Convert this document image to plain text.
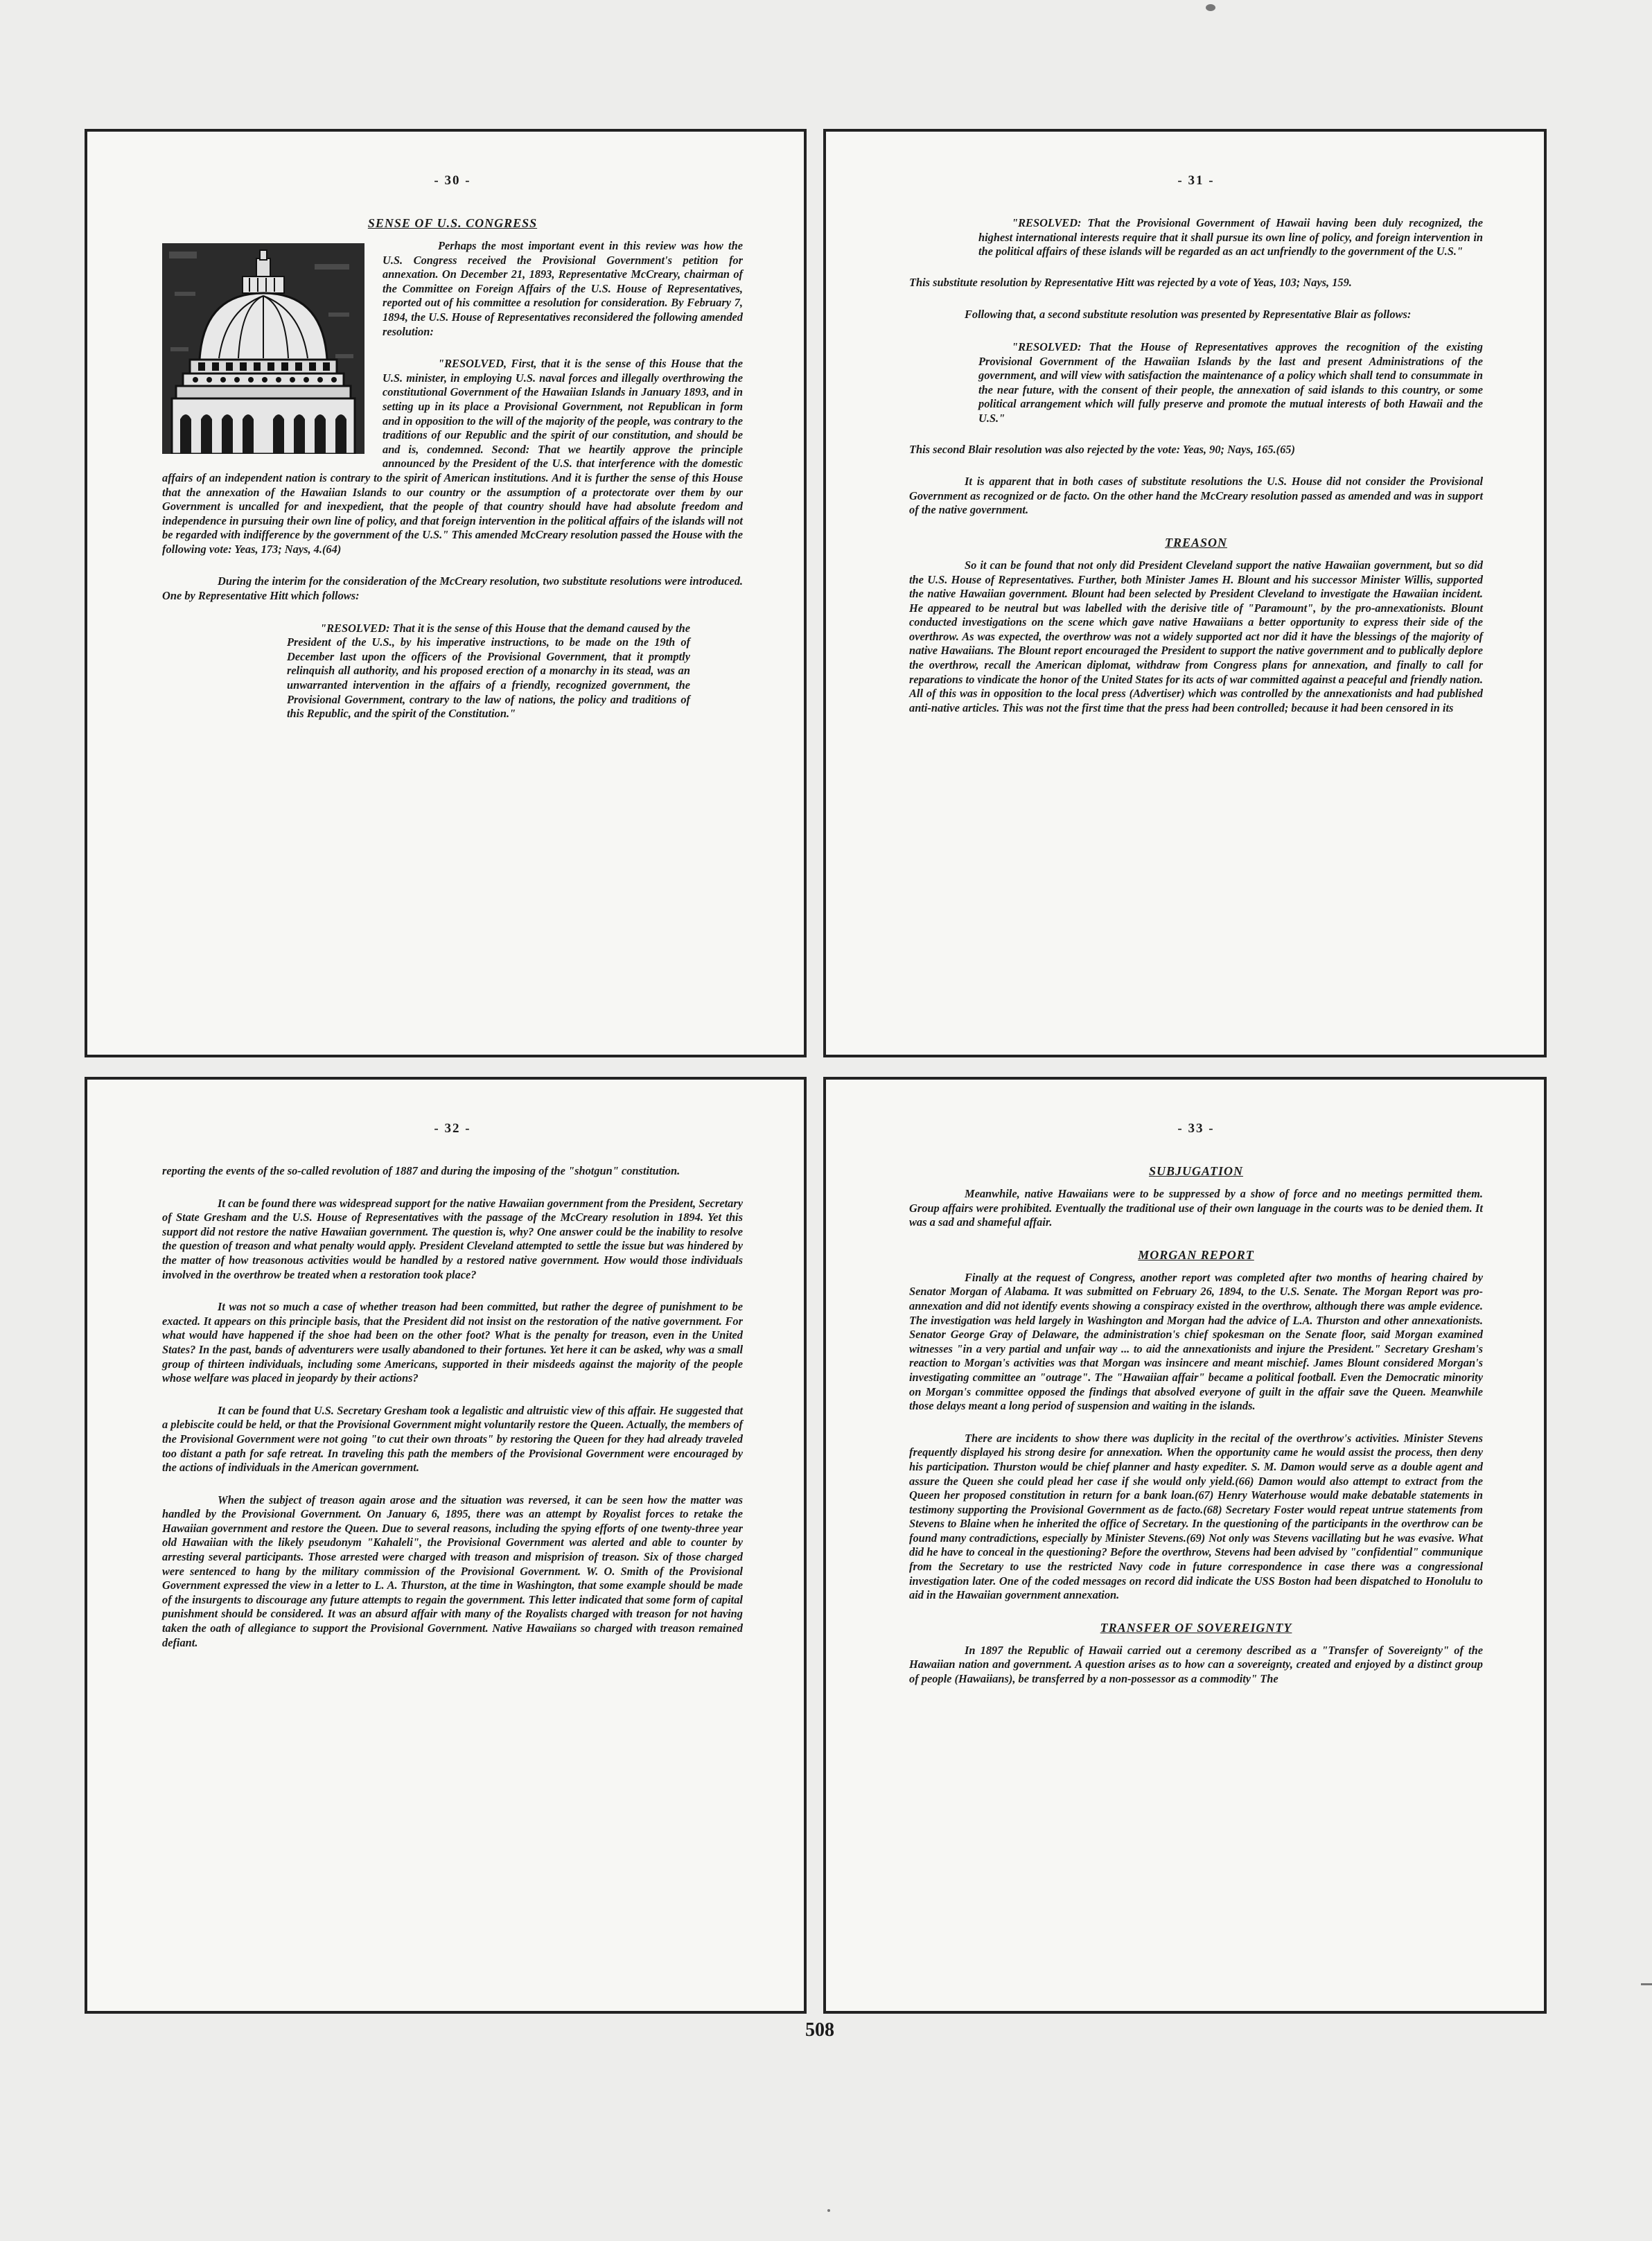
- 30 -
SENSE OF U.S. CONGRESS

Perhaps the most important event in this review was how the U.S. Congress received the Provisional Government's petition for annexation. On December 21, 1893, Representative McCreary, chairman of the Committee on Foreign Affairs of the U.S. House of Representatives, reported out of his committee a resolution for consideration. By February 7, 1894, the U.S. House of Representatives reconsidered the following amended resolution:

"RESOLVED, First, that it is the sense of this House that the U.S. minister, in employing U.S. naval forces and illegally overthrowing the constitutional Government of the Hawaiian Islands in January 1893, and in setting up in its place a Provisional Government, not Republican in form and in opposition to the will of the majority of the people, was contrary to the traditions of our Republic and the spirit of our constitution, and should be and is, condemned. Second: That we heartily approve the principle announced by the President of the U.S. that interference with the domestic affairs of an independent nation is contrary to the spirit of American institutions. And it is further the sense of this House that the annexation of the Hawaiian Islands to our country or the assumption of a protectorate over them by our Government is uncalled for and inexpedient, that the people of that country should have had absolute freedom and independence in pursuing their own line of policy, and that foreign intervention in the political affairs of the islands will not be regarded with indifference by the government of the U.S." This amended McCreary resolution passed the House with the following vote: Yeas, 173; Nays, 4.(64)

During the interim for the consideration of the McCreary resolution, two substitute resolutions were introduced. One by Representative Hitt which follows:

"RESOLVED: That it is the sense of this House that the demand caused by the President of the U.S., by his imperative instructions, to be made on the 19th of December last upon the officers of the Provisional Government, that it promptly relinquish all authority, and his proposed erection of a monarchy in its stead, was an unwarranted intervention in the affairs of a friendly, recognized government, the Provisional Government, contrary to the law of nations, the policy and traditions of this Republic, and the spirit of the Constitution."

- 31 -

"RESOLVED: That the Provisional Government of Hawaii having been duly recognized, the highest international interests require that it shall pursue its own line of policy, and foreign intervention in the political affairs of these islands will be regarded as an act unfriendly to the government of the U.S."

This substitute resolution by Representative Hitt was rejected by a vote of Yeas, 103; Nays, 159.

Following that, a second substitute resolution was presented by Representative Blair as follows:

"RESOLVED: That the House of Representatives approves the recognition of the existing Provisional Government of the Hawaiian Islands by the last and present Administrations of the government, and will view with satisfaction the maintenance of a policy which shall tend to consummate in the near future, with the consent of their people, the annexation of said islands to this country, or some political arrangement which will fully preserve and promote the mutual interests of both Hawaii and the U.S."

This second Blair resolution was also rejected by the vote: Yeas, 90; Nays, 165.(65)

It is apparent that in both cases of substitute resolutions the U.S. House did not consider the Provisional Government as recognized or de facto. On the other hand the McCreary resolution passed as amended and was in support of the native government.

TREASON

So it can be found that not only did President Cleveland support the native Hawaiian government, but so did the U.S. House of Representatives. Further, both Minister James H. Blount and his successor Minister Willis, supported the native Hawaiian government. Blount had been selected by President Cleveland to investigate the Hawaiian incident. He appeared to be neutral but was labelled with the derisive title of "Paramount", by the pro-annexationists. Blount conducted investigations on the scene which gave native Hawaiians a better opportunity to express their side of the overthrow. As was expected, the overthrow was not a widely supported act nor did it have the blessings of the majority of native Hawaiians. The Blount report encouraged the President to support the native government and to publically deplore the overthrow, recall the American diplomat, withdraw from Congress plans for annexation, and finally to call for reparations to vindicate the honor of the United States for its acts of war committed against a peaceful and friendly nation. All of this was in opposition to the local press (Advertiser) which was controlled by the annexationists and had published anti-native articles. This was not the first time that the press had been controlled; because it had been censored in its

- 32 -

reporting the events of the so-called revolution of 1887 and during the imposing of the "shotgun" constitution.

It can be found there was widespread support for the native Hawaiian government from the President, Secretary of State Gresham and the U.S. House of Representatives with the passage of the McCreary resolution in 1894. Yet this support did not restore the native Hawaiian government. The question is, why? One answer could be the inability to resolve the question of treason and what penalty would apply. President Cleveland attempted to settle the issue but was hindered by the matter of how treasonous activities would be handled by a restored native government. How would those individuals involved in the overthrow be treated when a restoration took place?

It was not so much a case of whether treason had been committed, but rather the degree of punishment to be exacted. It appears on this principle basis, that the President did not insist on the restoration of the native government. For what would have happened if the shoe had been on the other foot? What is the penalty for treason, even in the United States? In the past, bands of adventurers were usally abandoned to their fortunes. Yet here it can be asked, why was a small group of thirteen individuals, including some Americans, supported in their misdeeds against the majority of the people whose welfare was placed in jeopardy by their actions?

It can be found that U.S. Secretary Gresham took a legalistic and altruistic view of this affair. He suggested that a plebiscite could be held, or that the Provisional Government might voluntarily restore the Queen. Actually, the members of the Provisional Government were not going "to cut their own throats" by restoring the Queen for they had already traveled too distant a path for safe retreat. In traveling this path the members of the Provisional Government were encouraged by the actions of individuals in the American government.

When the subject of treason again arose and the situation was reversed, it can be seen how the matter was handled by the Provisional Government. On January 6, 1895, there was an attempt by Royalist forces to retake the Hawaiian government and restore the Queen. Due to several reasons, including the spying efforts of one twenty-three year old Hawaiian with the likely pseudonym "Kahaleli", the Provisional Government was alerted and able to counter by arresting several participants. Those arrested were charged with treason and misprision of treason. Six of those charged were sentenced to hang by the military commission of the Provisional Government. W. O. Smith of the Provisional Government expressed the view in a letter to L. A. Thurston, at the time in Washington, that some example should be made of the insurgents to discourage any future attempts to regain the government. This letter indicated that some form of capital punishment should be considered. It was an absurd affair with many of the Royalists charged with treason for not having taken the oath of allegiance to support the Provisional Government. Native Hawaiians so charged with treason remained defiant.

- 33 -
SUBJUGATION

Meanwhile, native Hawaiians were to be suppressed by a show of force and no meetings permitted them. Group affairs were prohibited. Eventually the traditional use of their own language in the courts was to be denied them. It was a sad and shameful affair.

MORGAN REPORT

Finally at the request of Congress, another report was completed after two months of hearing chaired by Senator Morgan of Alabama. It was submitted on February 26, 1894, to the U.S. Senate. The Morgan Report was pro-annexation and did not identify events showing a conspiracy existed in the overthrow, although there was ample evidence. The investigation was held largely in Washington and Morgan had the advice of L.A. Thurston and other annexationists. Senator George Gray of Delaware, the administration's chief spokesman on the Senate floor, said Morgan examined witnesses "in a very partial and unfair way ... to aid the annexationists and injure the President." Secretary Gresham's reaction to Morgan's activities was that Morgan was insincere and meant mischief. James Blount considered Morgan's investigating committee an "outrage". The "Hawaiian affair" became a political football. Even the Democratic minority on Morgan's committee opposed the findings that absolved everyone of guilt in the affair save the Queen. Meanwhile those delays meant a long period of suspension and waiting in the islands.

There are incidents to show there was duplicity in the recital of the overthrow's activities. Minister Stevens frequently displayed his strong desire for annexation. When the opportunity came he would assist the process, then deny his participation. Thurston would be chief planner and hasty expediter. S. M. Damon would serve as a double agent and assure the Queen she could plead her case if she would only yield.(66) Damon would also attempt to extract from the Queen her proposed constitution in return for a bank loan.(67) Henry Waterhouse would make debatable statements in testimony supporting the Provisional Government as de facto.(68) Secretary Foster would repeat untrue statements from Stevens to Blaine when he inherited the office of Secretary. In the questioning of the participants in the overthrow can be found many contradictions, especially by Minister Stevens.(69) Not only was Stevens vacillating but he was evasive. What did he have to conceal in the questioning? Before the overthrow, Stevens had been advised by "confidential" communique from the Secretary to use the restricted Navy code in future correspondence in case there was a congressional investigation later. One of the coded messages on record did indicate the USS Boston had been dispatched to Honolulu to aid in the Hawaiian government annexation.

TRANSFER OF SOVEREIGNTY

In 1897 the Republic of Hawaii carried out a ceremony described as a "Transfer of Sovereignty" of the Hawaiian nation and government. A question arises as to how can a sovereignty, created and enjoyed by a distinct group of people (Hawaiians), be transferred by a non-possessor as a commodity" The

508
